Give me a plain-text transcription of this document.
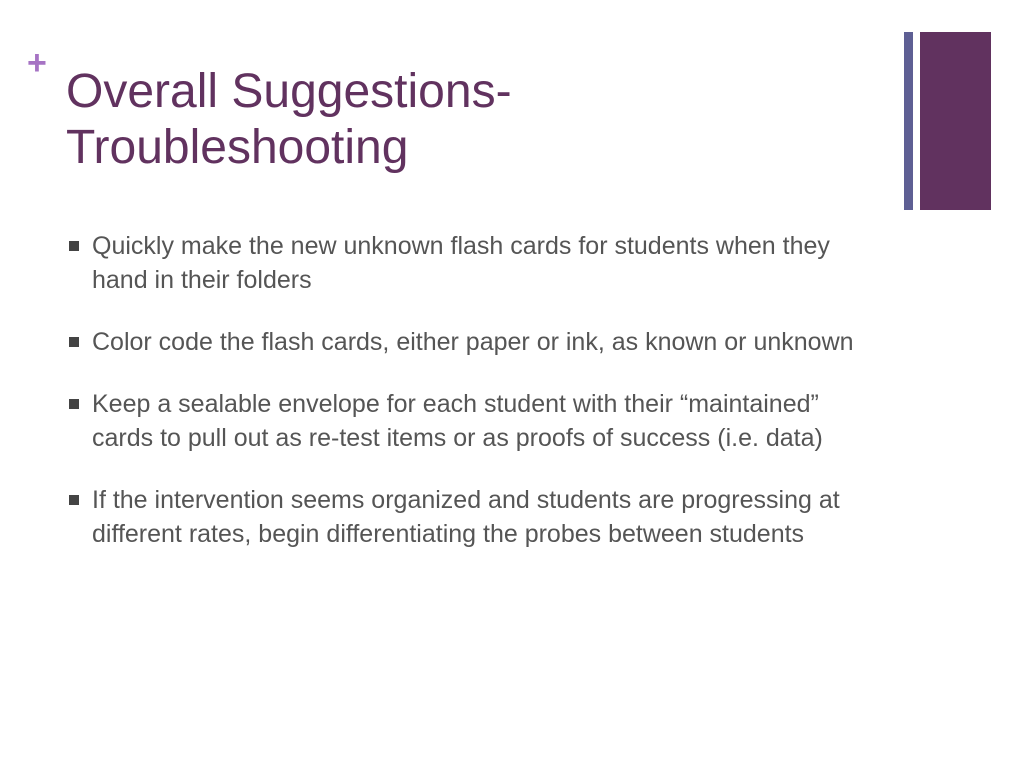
+
Overall Suggestions-
Troubleshooting
Quickly make the new unknown flash cards for students when they hand in their folders
Color code the flash cards, either paper or ink, as known or unknown
Keep a sealable envelope for each student with their “maintained” cards to pull out as re-test items or as proofs of success (i.e. data)
If the intervention seems organized and students are progressing at different rates, begin differentiating the probes between students
